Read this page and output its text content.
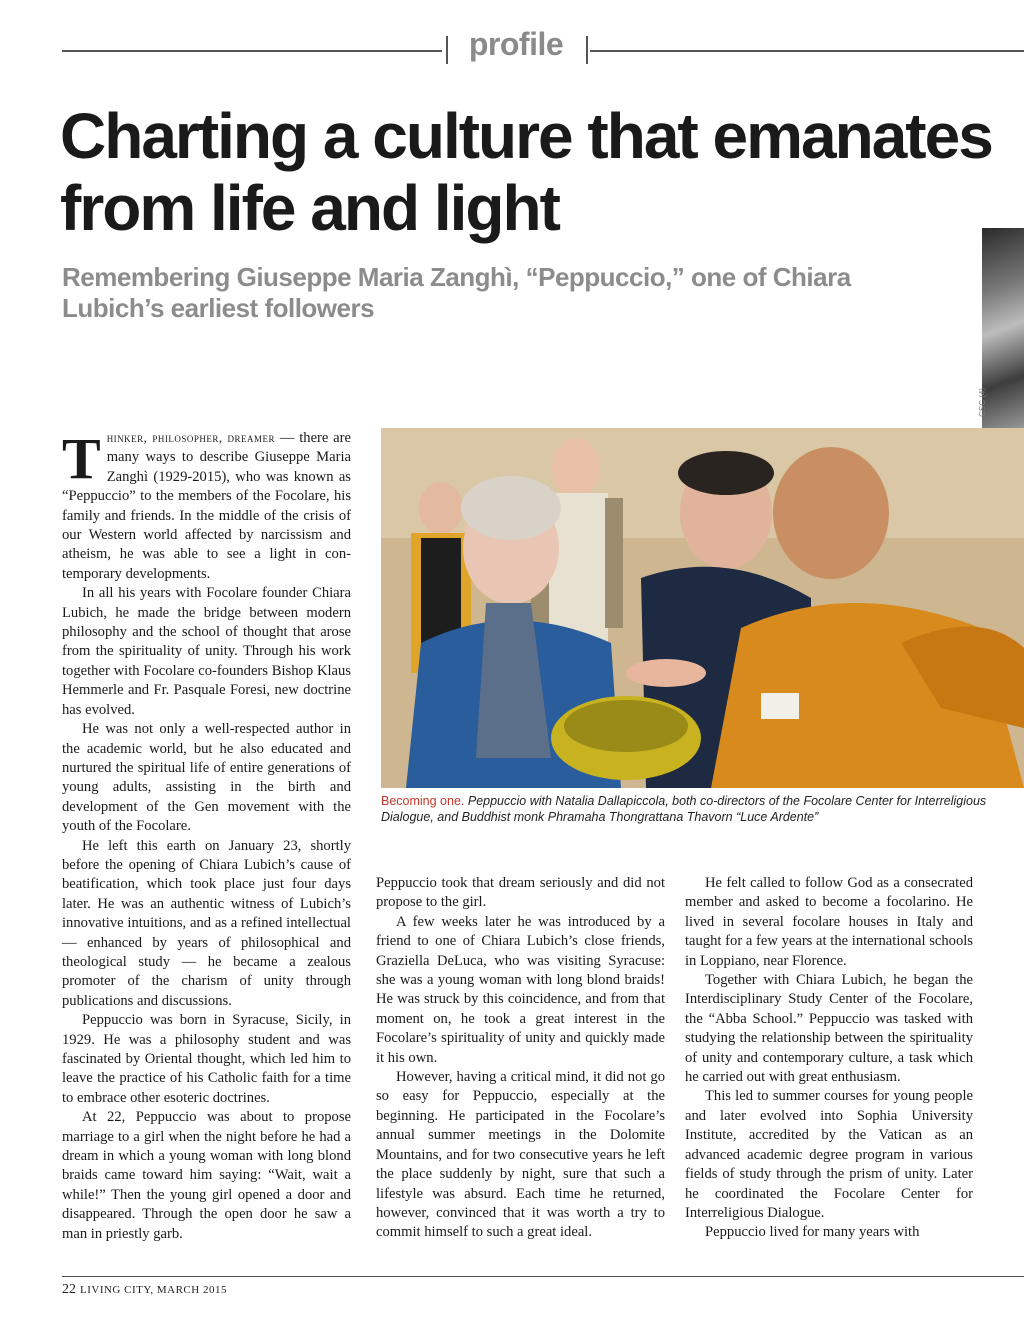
profile
Charting a culture that emanates from life and light
Remembering Giuseppe Maria Zanghì, “Peppuccio,” one of Chiara Lubich’s earliest followers
CSC (4)

Becoming one. Peppuccio with Natalia Dallapiccola, both co-directors of the Focolare Center for Interreligious Dialogue, and Buddhist monk Phramaha Thongrattana Thavorn “Luce Ardente”

Thinker, philosopher, dreamer — there are many ways to describe Giuseppe Maria Zanghì (1929-2015), who was known as “Peppuccio” to the members of the Focolare, his family and friends. In the middle of the crisis of our Western world affected by narcissism and atheism, he was able to see a light in contemporary developments.

In all his years with Focolare founder Chiara Lubich, he made the bridge between modern philosophy and the school of thought that arose from the spirituality of unity. Through his work together with Focolare co-founders Bishop Klaus Hemmerle and Fr. Pasquale Foresi, new doctrine has evolved.

He was not only a well-respected author in the academic world, but he also educated and nurtured the spiritual life of entire generations of young adults, assisting in the birth and development of the Gen movement with the youth of the Focolare.

He left this earth on January 23, shortly before the opening of Chiara Lubich’s cause of beatification, which took place just four days later. He was an authentic witness of Lubich’s innovative intuitions, and as a refined intellectual — enhanced by years of philosophical and theological study — he became a zealous promoter of the charism of unity through publications and discussions.

Peppuccio was born in Syracuse, Sicily, in 1929. He was a philosophy student and was fascinated by Oriental thought, which led him to leave the practice of his Catholic faith for a time to embrace other esoteric doctrines.

At 22, Peppuccio was about to propose marriage to a girl when the night before he had a dream in which a young woman with long blond braids came toward him saying: “Wait, wait a while!” Then the young girl opened a door and disappeared. Through the open door he saw a man in priestly garb.

Peppuccio took that dream seriously and did not propose to the girl.

A few weeks later he was introduced by a friend to one of Chiara Lubich’s close friends, Graziella DeLuca, who was visiting Syracuse: she was a young woman with long blond braids! He was struck by this coincidence, and from that moment on, he took a great interest in the Focolare’s spirituality of unity and quickly made it his own.

However, having a critical mind, it did not go so easy for Peppuccio, especially at the beginning. He participated in the Focolare’s annual summer meetings in the Dolomite Mountains, and for two consecutive years he left the place suddenly by night, sure that such a lifestyle was absurd. Each time he returned, however, convinced that it was worth a try to commit himself to such a great ideal.

He felt called to follow God as a consecrated member and asked to become a focolarino. He lived in several focolare houses in Italy and taught for a few years at the international schools in Loppiano, near Florence.

Together with Chiara Lubich, he began the Interdisciplinary Study Center of the Focolare, the “Abba School.” Peppuccio was tasked with studying the relationship between the spirituality of unity and contemporary culture, a task which he carried out with great enthusiasm.

This led to summer courses for young people and later evolved into Sophia University Institute, accredited by the Vatican as an advanced academic degree program in various fields of study through the prism of unity. Later he coordinated the Focolare Center for Interreligious Dialogue.

Peppuccio lived for many years with

22 LIVING CITY, MARCH 2015
